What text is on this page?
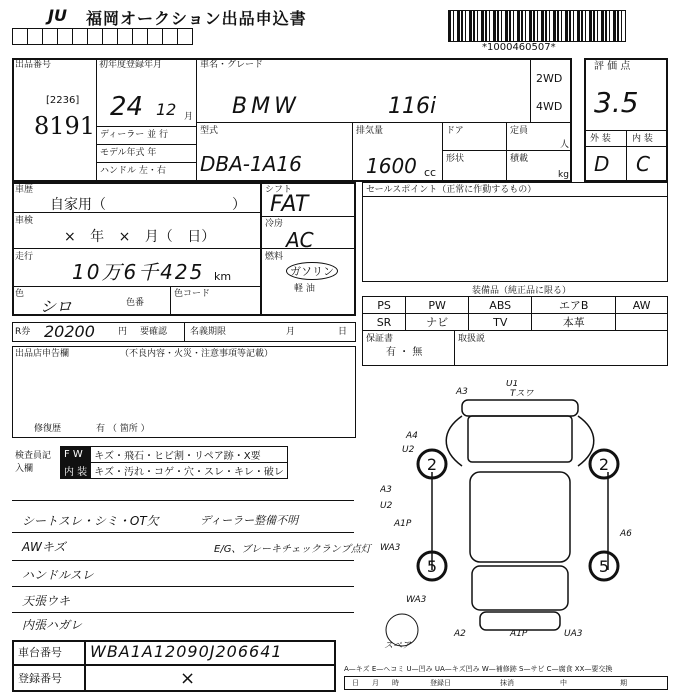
JU 福岡オークション出品申込書

*1000460507*
出品番号
[2236]
8191
初年度登録年月
24 12 月
ディーラー 並 行
モデル年式 年
ハンドル 左・右
車名・グレード
BMW	116i
2WD
4WD
型式
DBA-1A16
排気量
1600 cc
ドア	定員
人
形状	積載
kg
評 価 点
3.5
外 装 内 装
D C
車歴
自家用（	）
車検
× 年 × 月（ 日）
走行
10万6千425 km
色
シロ	色番
色コード
シフト
FAT
冷房
AC
燃料
ガソリン
軽 油
セールスポイント（正常に作動するもの）
装備品（純正品に限る）
PS	PW	ABS	エアB	AW
SR	ナビ	TV	本革	
R券 20200	円 要確認	名義期限	月	日
保証書
有 ・ 無
取扱説
出品店申告欄	（不良内容・火災・注意事項等記載）
修復歴	有 （ 箇所 ）
検査員記入欄
F W	キズ・飛石・ヒビ割・リペア跡・X要
内 装	キズ・汚れ・コゲ・穴・スレ・キレ・破レ
シートスレ・シミ・OT欠
AWキズ
ハンドルスレ
天張ウキ
内張ハガレ
ディーラー整備不明
E/G、ブレーキチェックランプ点灯
2	2
5	5
A3
U1
Tスワ
A4
U2
A3
U2
A1P
WA3
WA3
A6
A2	A1P	UA3
スペア
A—キズ E—ヘコミ U—凹み UA—キズ凹み W—補修跡 S—サビ C—腐食 XX—要交換
日 月 時	登録日	抹消	中	期
車台番号 WBA1A12090J206641
登録番号	×
